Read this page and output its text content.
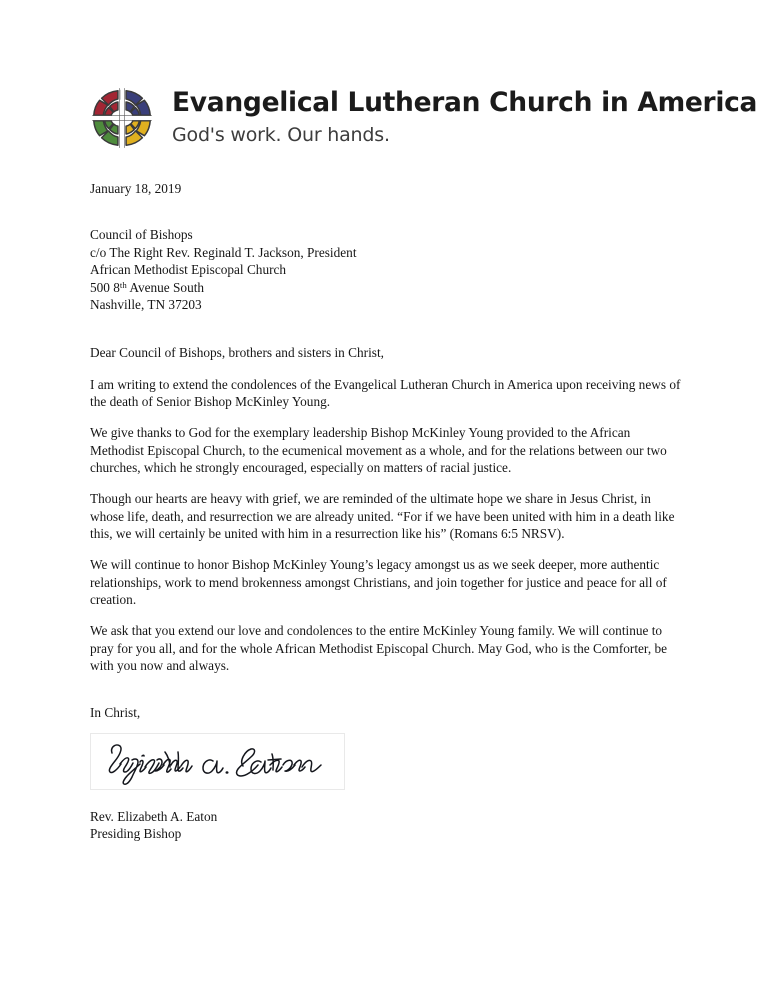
Evangelical Lutheran Church in America
God's work. Our hands.
January 18, 2019
Council of Bishops
c/o The Right Rev. Reginald T. Jackson, President
African Methodist Episcopal Church
500 8th Avenue South
Nashville, TN 37203
Dear Council of Bishops, brothers and sisters in Christ,

I am writing to extend the condolences of the Evangelical Lutheran Church in America upon receiving news of the death of Senior Bishop McKinley Young.

We give thanks to God for the exemplary leadership Bishop McKinley Young provided to the African Methodist Episcopal Church, to the ecumenical movement as a whole, and for the relations between our two churches, which he strongly encouraged, especially on matters of racial justice.

Though our hearts are heavy with grief, we are reminded of the ultimate hope we share in Jesus Christ, in whose life, death, and resurrection we are already united. “For if we have been united with him in a death like this, we will certainly be united with him in a resurrection like his” (Romans 6:5 NRSV).

We will continue to honor Bishop McKinley Young’s legacy amongst us as we seek deeper, more authentic relationships, work to mend brokenness amongst Christians, and join together for justice and peace for all of creation.

We ask that you extend our love and condolences to the entire McKinley Young family. We will continue to pray for you all, and for the whole African Methodist Episcopal Church. May God, who is the Comforter, be with you now and always.

In Christ,
Rev. Elizabeth A. Eaton
Presiding Bishop
